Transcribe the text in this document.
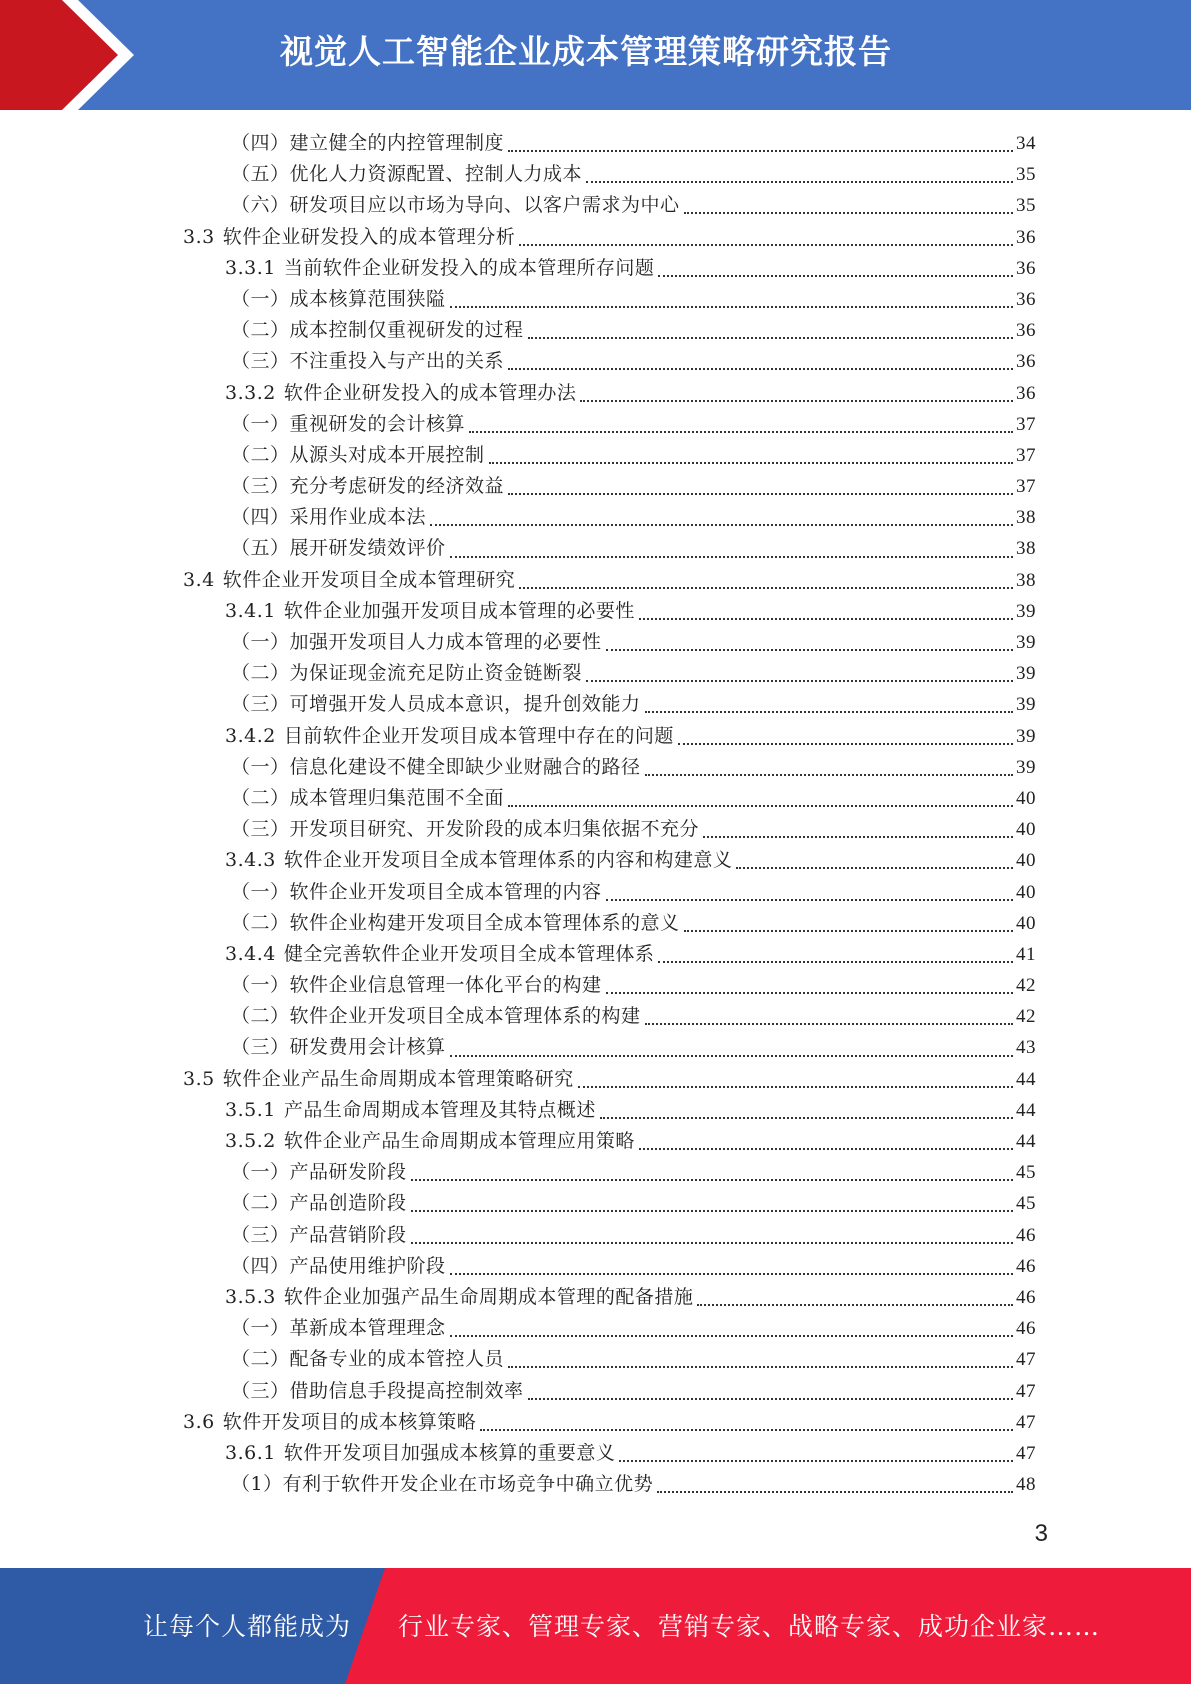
视觉人工智能企业成本管理策略研究报告
（四） 建立健全的内控管理制度	34
（五） 优化人力资源配置、控制人力成本	35
（六） 研发项目应以市场为导向、以客户需求为中心	35
3.3 软件企业研发投入的成本管理分析	36
3.3.1 当前软件企业研发投入的成本管理所存问题	36
（一） 成本核算范围狭隘	36
（二） 成本控制仅重视研发的过程	36
（三） 不注重投入与产出的关系	36
3.3.2 软件企业研发投入的成本管理办法	36
（一） 重视研发的会计核算	37
（二） 从源头对成本开展控制	37
（三） 充分考虑研发的经济效益	37
（四） 采用作业成本法	38
（五） 展开研发绩效评价	38
3.4 软件企业开发项目全成本管理研究	38
3.4.1 软件企业加强开发项目成本管理的必要性	39
（一） 加强开发项目人力成本管理的必要性	39
（二） 为保证现金流充足防止资金链断裂	39
（三） 可增强开发人员成本意识，提升创效能力	39
3.4.2 目前软件企业开发项目成本管理中存在的问题	39
（一） 信息化建设不健全即缺少业财融合的路径	39
（二） 成本管理归集范围不全面	40
（三） 开发项目研究、开发阶段的成本归集依据不充分	40
3.4.3 软件企业开发项目全成本管理体系的内容和构建意义	40
（一） 软件企业开发项目全成本管理的内容	40
（二） 软件企业构建开发项目全成本管理体系的意义	40
3.4.4 健全完善软件企业开发项目全成本管理体系	41
（一） 软件企业信息管理一体化平台的构建	42
（二） 软件企业开发项目全成本管理体系的构建	42
（三） 研发费用会计核算	43
3.5 软件企业产品生命周期成本管理策略研究	44
3.5.1 产品生命周期成本管理及其特点概述	44
3.5.2 软件企业产品生命周期成本管理应用策略	44
（一） 产品研发阶段	45
（二） 产品创造阶段	45
（三） 产品营销阶段	46
（四） 产品使用维护阶段	46
3.5.3 软件企业加强产品生命周期成本管理的配备措施	46
（一） 革新成本管理理念	46
（二） 配备专业的成本管控人员	47
（三） 借助信息手段提高控制效率	47
3.6 软件开发项目的成本核算策略	47
3.6.1 软件开发项目加强成本核算的重要意义	47
（1） 有利于软件开发企业在市场竞争中确立优势	48
3
让每个人都能成为 行业专家、管理专家、营销专家、战略专家、成功企业家……
